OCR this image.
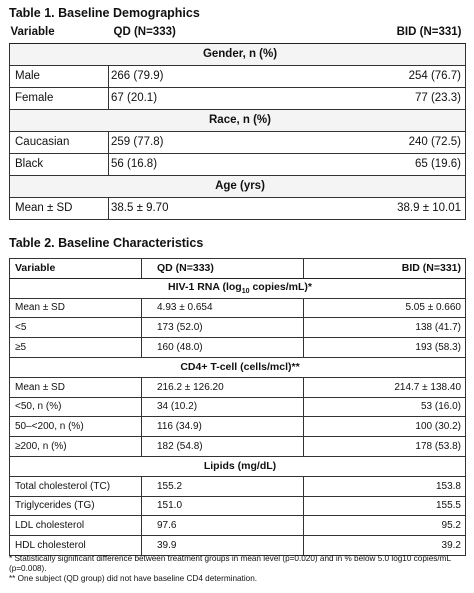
Table 1. Baseline Demographics
Variable	QD (N=333)	BID (N=331)
Gender, n (%)		
Male	266 (79.9)	254 (76.7)
Female	67 (20.1)	77 (23.3)
Race, n (%)		
Caucasian	259 (77.8)	240 (72.5)
Black	56 (16.8)	65 (19.6)
Age (yrs)		
Mean ± SD	38.5 ± 9.70	38.9 ± 10.01
Table 2. Baseline Characteristics
Variable	QD (N=333)	BID (N=331)
HIV-1 RNA ($\log_{10}$ copies/mL)*		
Mean ± SD	4.93 ± 0.654	5.05 ± 0.660
<5	173 (52.0)	138 (41.7)
≥5	160 (48.0)	193 (58.3)
CD4+ T-cell (cells/mcl)**		
Mean ± SD	216.2 ± 126.20	214.7 ± 138.40
<50, n (%)	34 (10.2)	53 (16.0)
50–<200, n (%)	116 (34.9)	100 (30.2)
≥200, n (%)	182 (54.8)	178 (53.8)
Lipids (mg/dL)		
Total cholesterol (TC)	155.2	153.8
Triglycerides (TG)	151.0	155.5
LDL cholesterol	97.6	95.2
HDL cholesterol	39.9	39.2
* Statistically significant difference between treatment groups in mean level (p=0.020) and in % below 5.0 log10 copies/mL (p=0.008).
** One subject (QD group) did not have baseline CD4 determination.
